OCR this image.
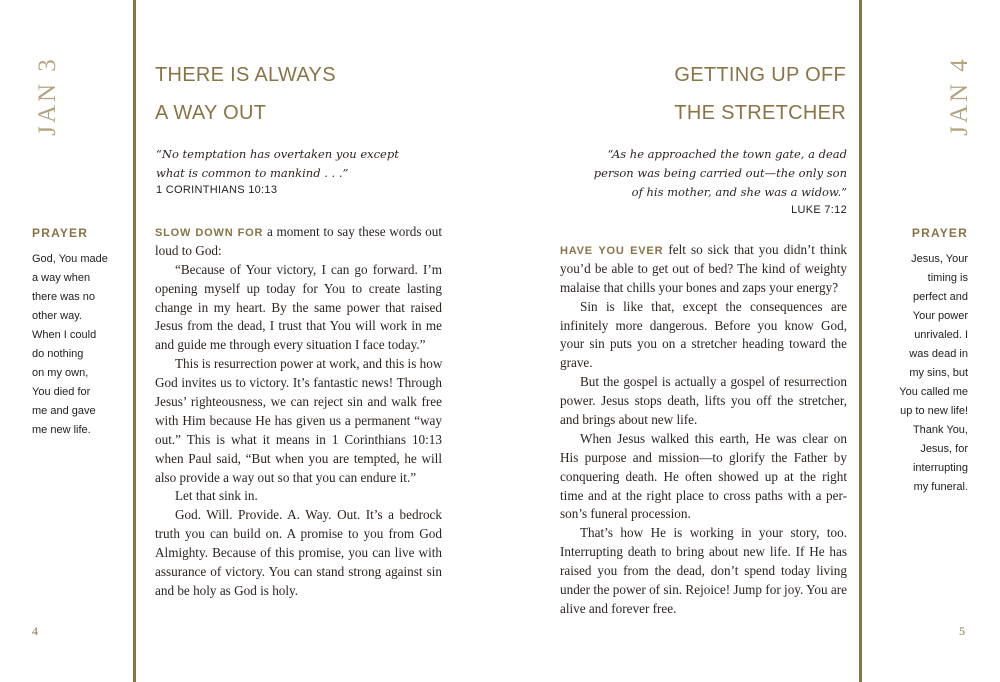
JAN 3
PRAYER
God, You made
a way when
there was no
other way.
When I could
do nothing
on my own,
You died for
me and gave
me new life.
THERE IS ALWAYS
A WAY OUT
“No temptation has overtaken you except
what is common to mankind . . .”
1 CORINTHIANS 10:13
SLOW DOWN FOR a moment to say these words out
loud to God:
“Because of Your victory, I can go forward. I’m
opening myself up today for You to create lasting
change in my heart. By the same power that raised
Jesus from the dead, I trust that You will work in me
and guide me through every situation I face today.”
This is resurrection power at work, and this is how
God invites us to victory. It’s fantastic news! Through
Jesus’ righteousness, we can reject sin and walk free
with Him because He has given us a permanent “way
out.” This is what it means in 1 Corinthians 10:13
when Paul said, “But when you are tempted, he will
also provide a way out so that you can endure it.”
Let that sink in.
God. Will. Provide. A. Way. Out. It’s a bedrock
truth you can build on. A promise to you from God
Almighty. Because of this promise, you can live with
assurance of victory. You can stand strong against sin
and be holy as God is holy.
4
GETTING UP OFF
THE STRETCHER
“As he approached the town gate, a dead
person was being carried out—the only son
of his mother, and she was a widow.”
LUKE 7:12
HAVE YOU EVER felt so sick that you didn’t think
you’d be able to get out of bed? The kind of weighty
malaise that chills your bones and zaps your energy?
Sin is like that, except the consequences are
infinitely more dangerous. Before you know God,
your sin puts you on a stretcher heading toward the
grave.
But the gospel is actually a gospel of resurrection
power. Jesus stops death, lifts you off the stretcher,
and brings about new life.
When Jesus walked this earth, He was clear on
His purpose and mission—to glorify the Father by
conquering death. He often showed up at the right
time and at the right place to cross paths with a per-
son’s funeral procession.
That’s how He is working in your story, too.
Interrupting death to bring about new life. If He has
raised you from the dead, don’t spend today living
under the power of sin. Rejoice! Jump for joy. You are
alive and forever free.
JAN 4
PRAYER
Jesus, Your
timing is
perfect and
Your power
unrivaled. I
was dead in
my sins, but
You called me
up to new life!
Thank You,
Jesus, for
interrupting
my funeral.
5
